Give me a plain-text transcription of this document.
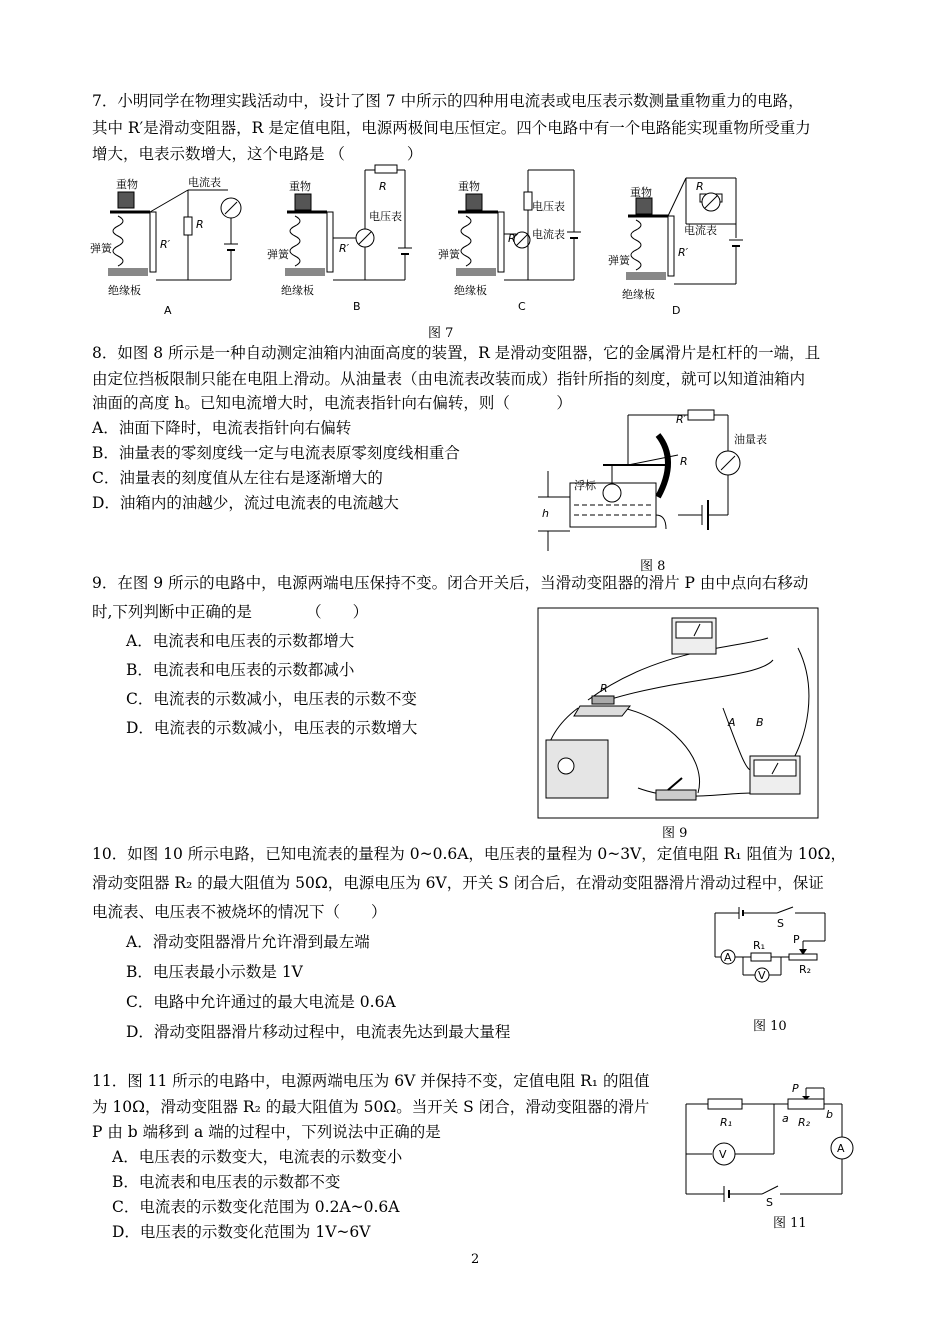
7．小明同学在物理实践活动中，设计了图 7 中所示的四种用电流表或电压表示数测量重物重力的电路，
其中 R′是滑动变阻器，R 是定值电阻，电源两极间电压恒定。四个电路中有一个电路能实现重物所受重力
增大，电表示数增大，这个电路是 （　　　　）
重物
弹簧
绝缘板
电流表
R
R′
A
重物
弹簧
绝缘板
R
电压表
R′
B
重物
弹簧
绝缘板
电压表
电流表
R′
C
重物
弹簧
绝缘板
R
电流表
R′
D
图 7
8．如图 8 所示是一种自动测定油箱内油面高度的装置，R 是滑动变阻器，它的金属滑片是杠杆的一端，且
由定位挡板限制只能在电阻上滑动。从油量表（由电流表改装而成）指针所指的刻度，就可以知道油箱内
油面的高度 h。已知电流增大时，电流表指针向右偏转，则（　　　）
A．油面下降时，电流表指针向右偏转
B．油量表的零刻度线一定与电流表原零刻度线相重合
C．油量表的刻度值从左往右是逐渐增大的
D．油箱内的油越少，流过电流表的电流越大
R′
R
油量表
浮标
h
图 8
9．在图 9 所示的电路中，电源两端电压保持不变。闭合开关后，当滑动变阻器的滑片 P 由中点向右移动
时,下列判断中正确的是　　　　（　　）
A．电流表和电压表的示数都增大
B．电流表和电压表的示数都减小
C．电流表的示数减小，电压表的示数不变
D．电流表的示数减小，电压表的示数增大
R
A B
图 9
10．如图 10 所示电路，已知电流表的量程为 0~0.6A，电压表的量程为 0~3V，定值电阻 R₁ 阻值为 10Ω，
滑动变阻器 R₂ 的最大阻值为 50Ω，电源电压为 6V，开关 S 闭合后，在滑动变阻器滑片滑动过程中，保证
电流表、电压表不被烧坏的情况下（　　）
A．滑动变阻器滑片允许滑到最左端
B．电压表最小示数是 1V
C．电路中允许通过的最大电流是 0.6A
D．滑动变阻器滑片移动过程中，电流表先达到最大量程
S
R₁	P
A
V	R₂
图 10
11．图 11 所示的电路中，电源两端电压为 6V 并保持不变，定值电阻 R₁ 的阻值
为 10Ω，滑动变阻器 R₂ 的最大阻值为 50Ω。当开关 S 闭合，滑动变阻器的滑片
P 由 b 端移到 a 端的过程中，下列说法中正确的是
A．电压表的示数变大，电流表的示数变小
B．电流表和电压表的示数都不变
C．电流表的示数变化范围为 0.2A~0.6A
D．电压表的示数变化范围为 1V~6V
P
R₁	a R₂
b
V	A
S
图 11
2
